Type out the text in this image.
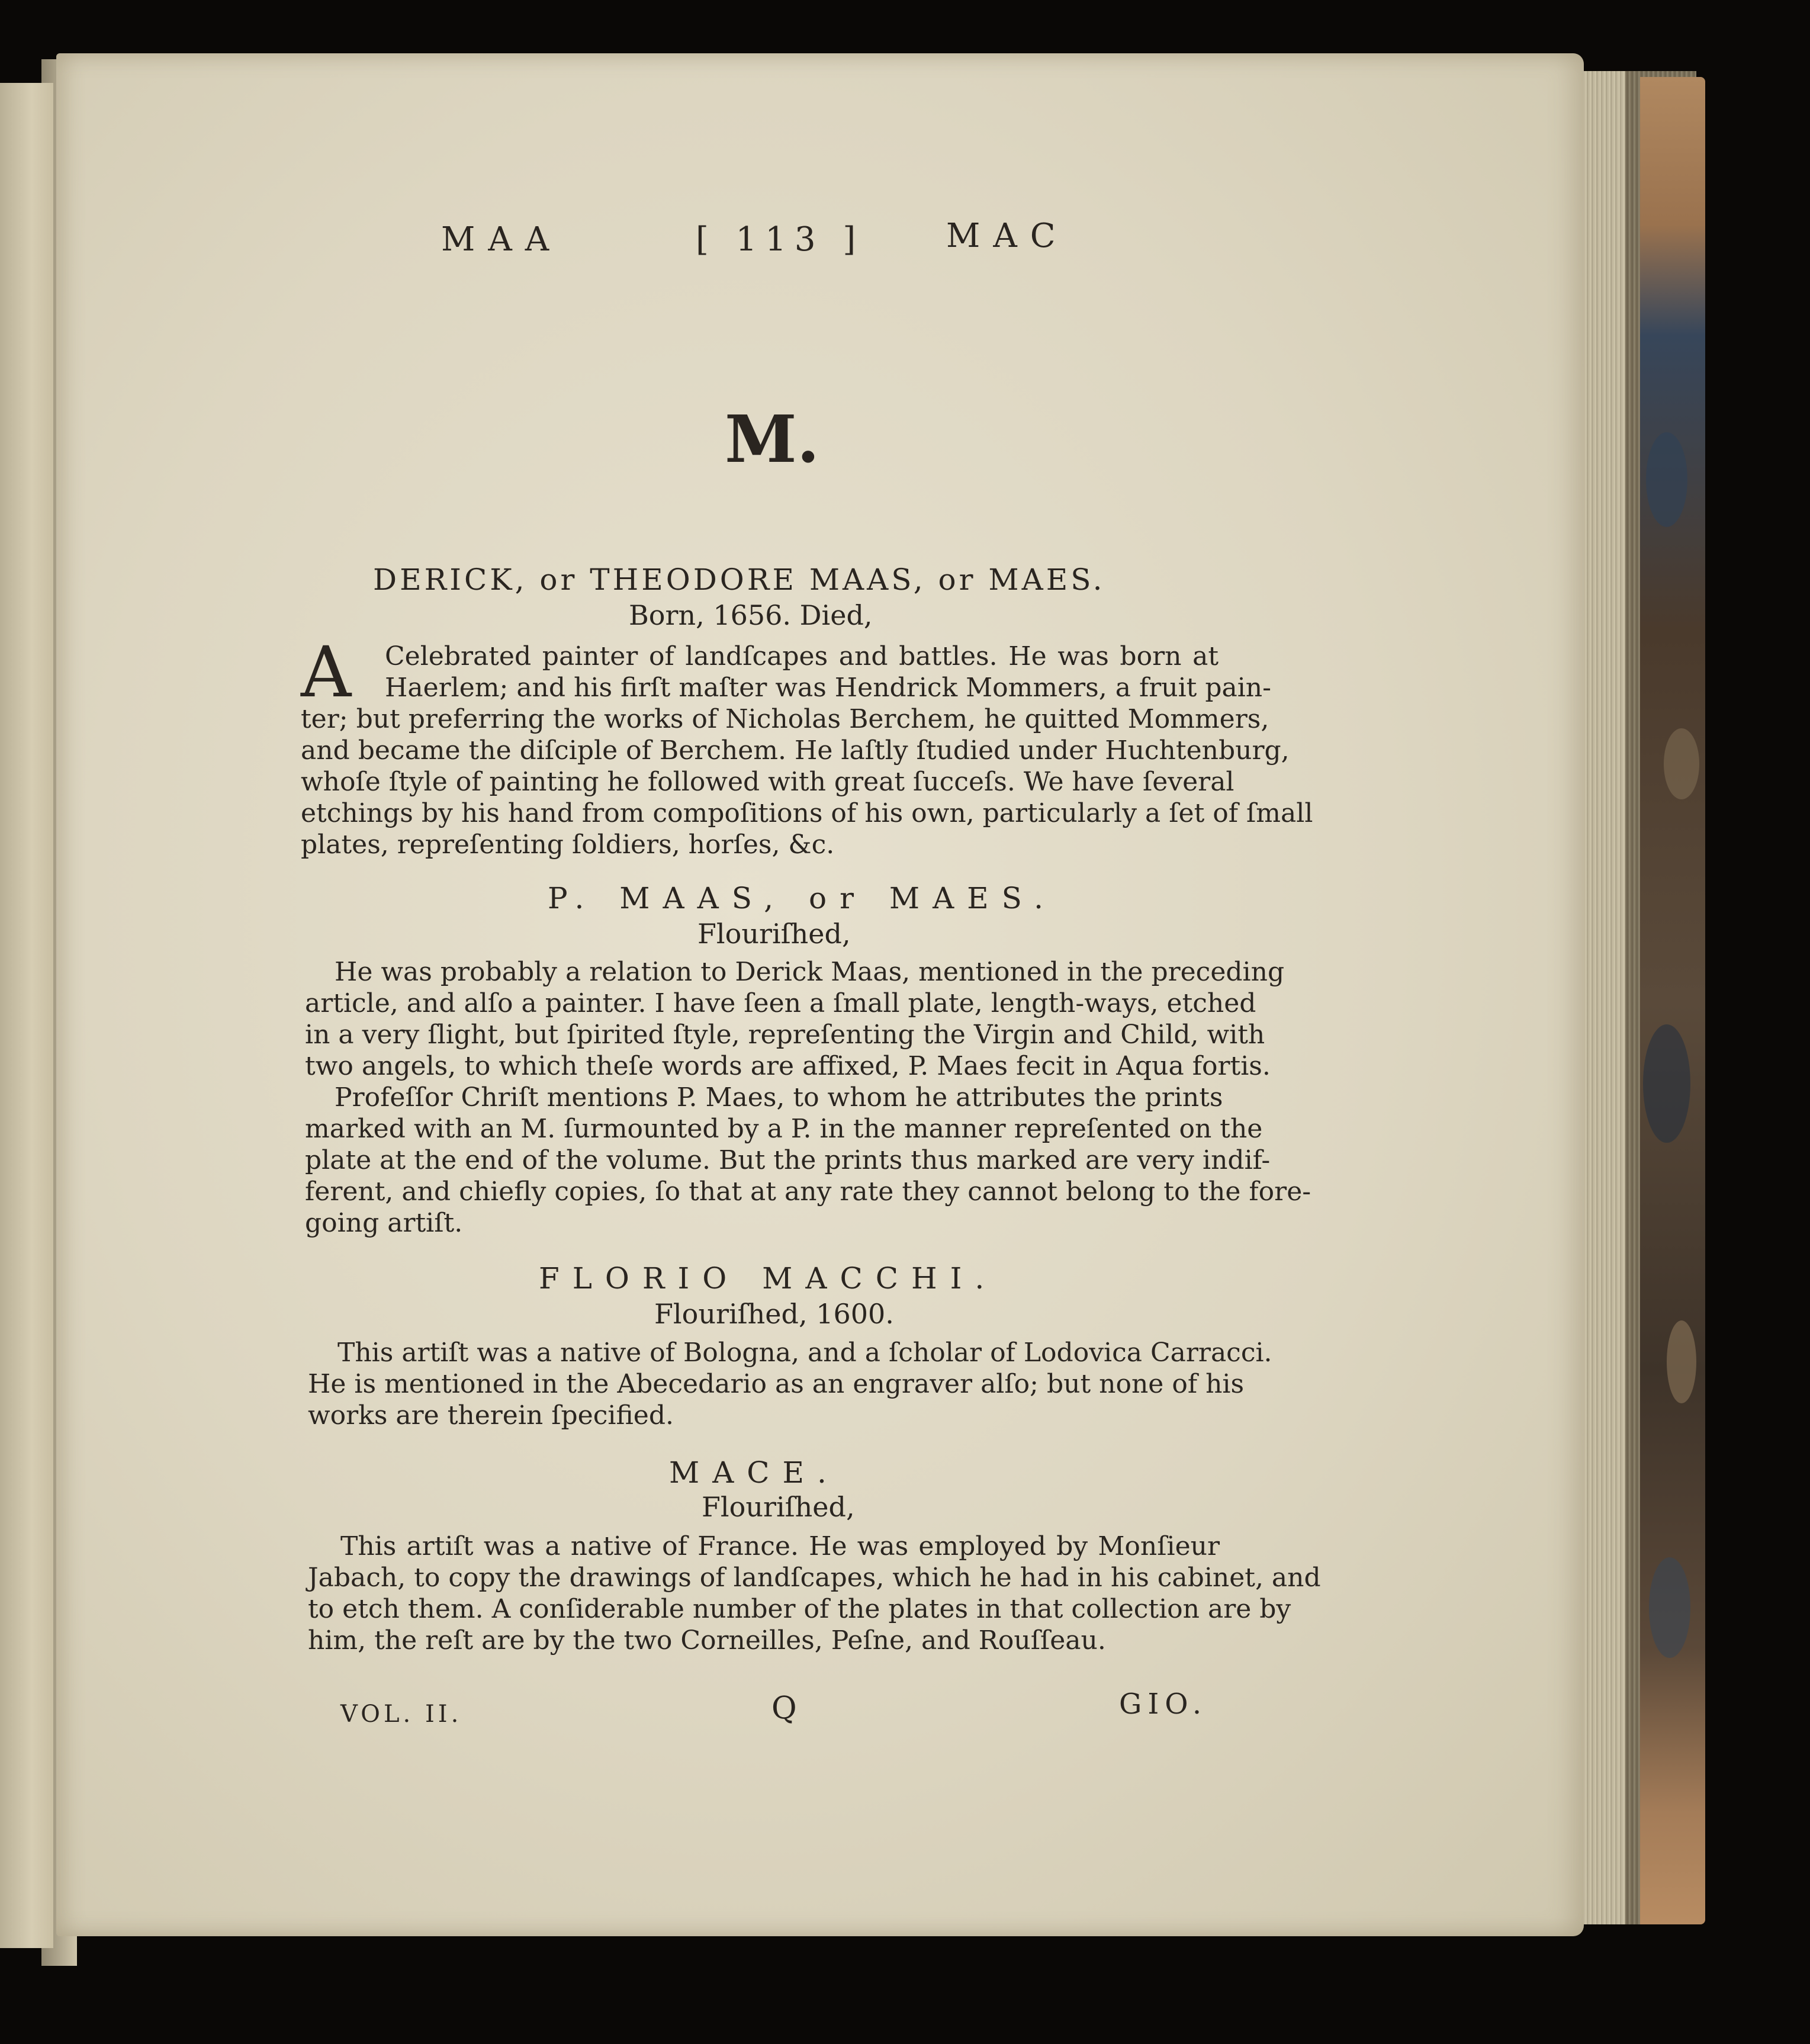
MAA	[ 113 ] MAC
M.
DERICK, or THEODORE MAAS, or MAES.
Born, 1656. Died,
A	Celebrated painter of landſcapes and battles. He was born at
Haerlem; and his firſt maſter was Hendrick Mommers, a fruit pain-
ter; but preferring the works of Nicholas Berchem, he quitted Mommers,
and became the diſciple of Berchem. He laſtly ſtudied under Huchtenburg,
whoſe ſtyle of painting he followed with great ſucceſs. We have ſeveral
etchings by his hand from compoſitions of his own, particularly a ſet of ſmall
plates, repreſenting ſoldiers, horſes, &c.
P. MAAS, or MAES.
Flouriſhed,
He was probably a relation to Derick Maas, mentioned in the preceding
article, and alſo a painter. I have ſeen a ſmall plate, length-ways, etched
in a very ſlight, but ſpirited ſtyle, repreſenting the Virgin and Child, with
two angels, to which theſe words are affixed, P. Maes fecit in Aqua fortis.
Profeſſor Chriſt mentions P. Maes, to whom he attributes the prints
marked with an M. ſurmounted by a P. in the manner repreſented on the
plate at the end of the volume. But the prints thus marked are very indif-
ferent, and chiefly copies, ſo that at any rate they cannot belong to the fore-
going artiſt.
FLORIO MACCHI.
Flouriſhed, 1600.
This artiſt was a native of Bologna, and a ſcholar of Lodovica Carracci.
He is mentioned in the Abecedario as an engraver alſo; but none of his
works are therein ſpecified.
MACE.
Flouriſhed,
This artiſt was a native of France. He was employed by Monſieur
Jabach, to copy the drawings of landſcapes, which he had in his cabinet, and
to etch them. A conſiderable number of the plates in that collection are by
him, the reſt are by the two Corneilles, Peſne, and Rouſſeau.
VOL. II.	Q	GIO.
